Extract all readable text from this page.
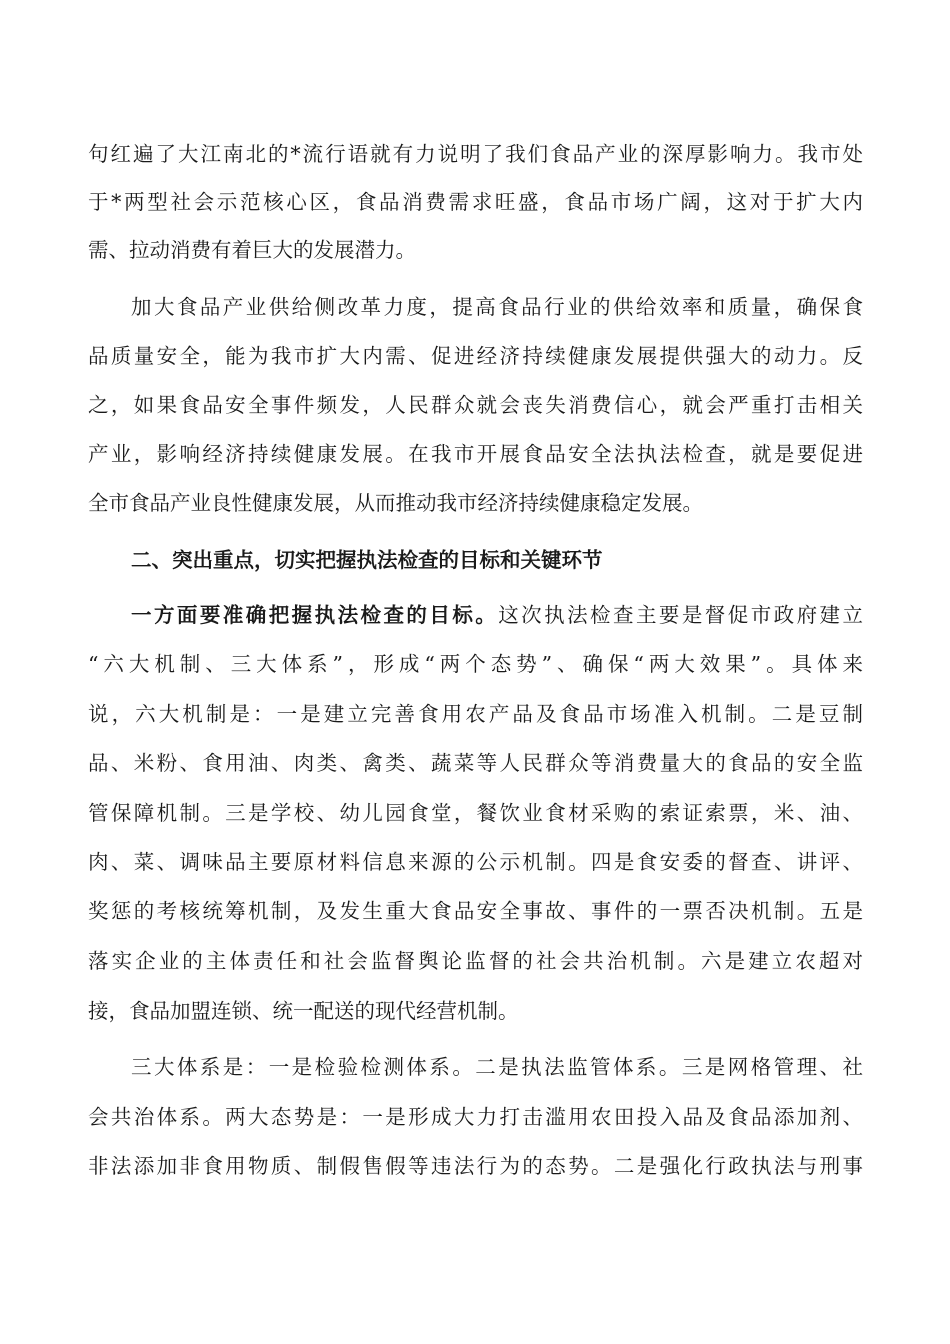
句红遍了大江南北的*流行语就有力说明了我们食品产业的深厚影响力。我市处
于*两型社会示范核心区，食品消费需求旺盛，食品市场广阔，这对于扩大内
需、拉动消费有着巨大的发展潜力。
加大食品产业供给侧改革力度，提高食品行业的供给效率和质量，确保食
品质量安全，能为我市扩大内需、促进经济持续健康发展提供强大的动力。反
之，如果食品安全事件频发，人民群众就会丧失消费信心，就会严重打击相关
产业，影响经济持续健康发展。在我市开展食品安全法执法检查，就是要促进
全市食品产业良性健康发展，从而推动我市经济持续健康稳定发展。
二、突出重点，切实把握执法检查的目标和关键环节
一方面要准确把握执法检查的目标。这次执法检查主要是督促市政府建立
“六大机制、三大体系”，形成“两个态势”、确保“两大效果”。具体来
说，六大机制是：一是建立完善食用农产品及食品市场准入机制。二是豆制
品、米粉、食用油、肉类、禽类、蔬菜等人民群众等消费量大的食品的安全监
管保障机制。三是学校、幼儿园食堂，餐饮业食材采购的索证索票，米、油、
肉、菜、调味品主要原材料信息来源的公示机制。四是食安委的督查、讲评、
奖惩的考核统筹机制，及发生重大食品安全事故、事件的一票否决机制。五是
落实企业的主体责任和社会监督舆论监督的社会共治机制。六是建立农超对
接，食品加盟连锁、统一配送的现代经营机制。
三大体系是：一是检验检测体系。二是执法监管体系。三是网格管理、社
会共治体系。两大态势是：一是形成大力打击滥用农田投入品及食品添加剂、
非法添加非食用物质、制假售假等违法行为的态势。二是强化行政执法与刑事
